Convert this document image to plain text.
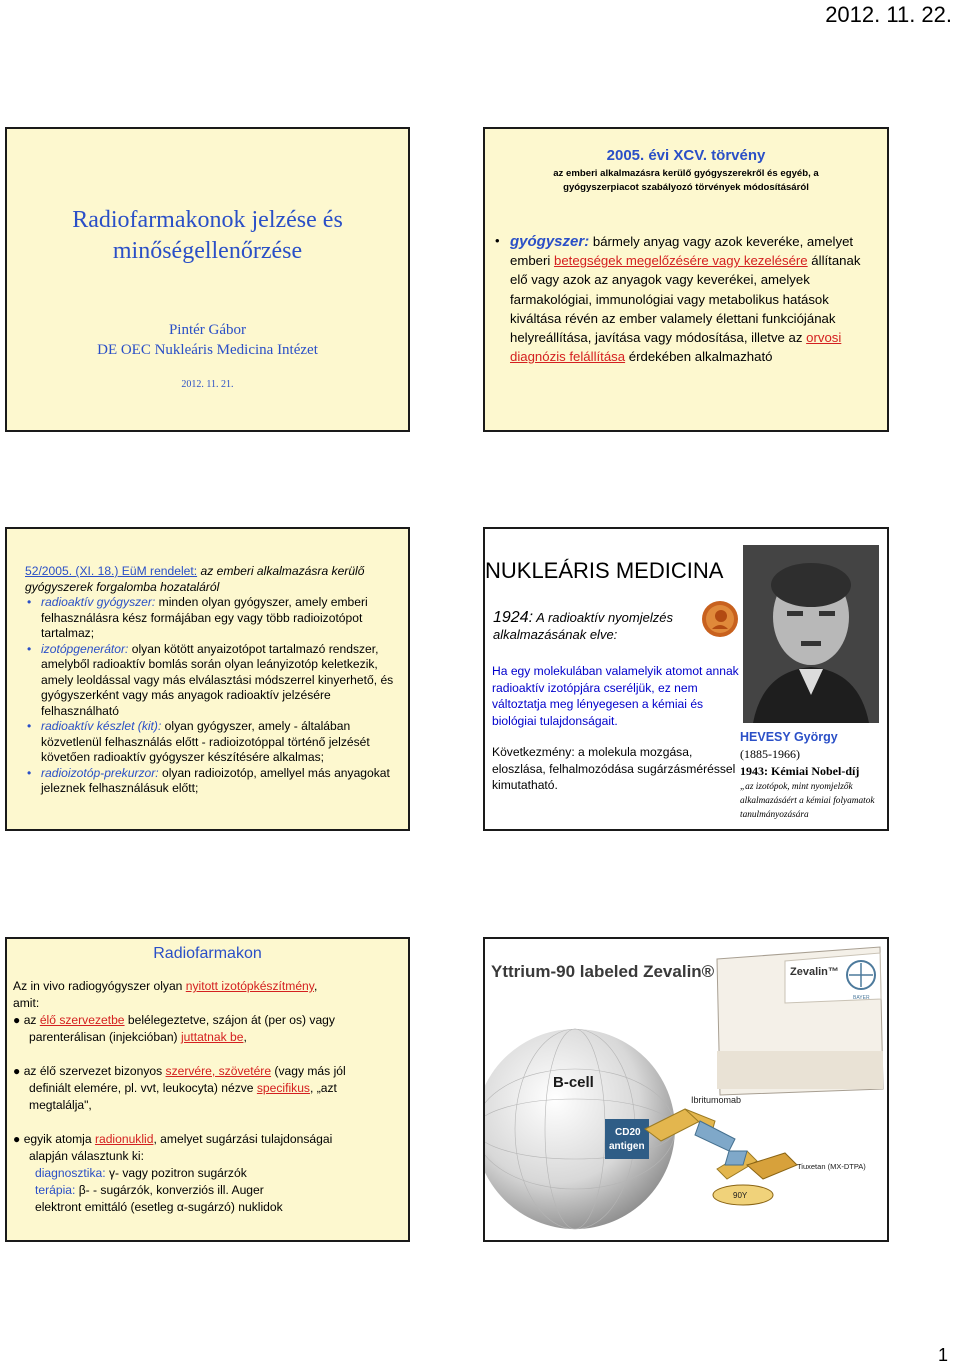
2012. 11. 22.
Radiofarmakonok jelzése és
minőségellenőrzése
Pintér Gábor
DE OEC Nukleáris Medicina Intézet
2012. 11. 21.
2005. évi XCV. törvény
az emberi alkalmazásra kerülő gyógyszerekről és egyéb, a
gyógyszerpiacot szabályozó törvények módosításáról
• gyógyszer: bármely anyag vagy azok keveréke, amelyet emberi betegségek megelőzésére vagy kezelésére állítanak elő vagy azok az anyagok vagy keverékei, amelyek farmakológiai, immunológiai vagy metabolikus hatások kiváltása révén az ember valamely élettani funkciójának helyreállítása, javítása vagy módosítása, illetve az orvosi diagnózis felállítása érdekében alkalmazható
52/2005. (XI. 18.) EüM rendelet: az emberi alkalmazásra kerülő gyógyszerek forgalomba hozataláról
• radioaktív gyógyszer: minden olyan gyógyszer, amely emberi felhasználásra kész formájában egy vagy több radioizotópot tartalmaz;
• izotópgenerátor: olyan kötött anyaizotópot tartalmazó rendszer, amelyből radioaktív bomlás során olyan leányizotóp keletkezik, amely leoldással vagy más elválasztási módszerrel kinyerhető, és gyógyszerként vagy más anyagok radioaktív jelzésére felhasználható
• radioaktív készlet (kit): olyan gyógyszer, amely - általában közvetlenül felhasználás előtt - radioizotóppal történő jelzését követően radioaktív gyógyszer készítésére alkalmas;
• radioizotóp-prekurzor: olyan radioizotóp, amellyel más anyagokat jeleznek felhasználásuk előtt;
NUKLEÁRIS MEDICINA
1924: A radioaktív nyomjelzés
alkalmazásának elve:
Ha egy molekulában valamelyik atomot annak radioaktív izotópjára cseréljük, ez nem változtatja meg lényegesen a kémiai és biológiai tulajdonságait.
Következmény: a molekula mozgása, eloszlása, felhalmozódása sugárzásméréssel kimutatható.
HEVESY György
(1885-1966)
1943: Kémiai Nobel-díj
„az izotópok, mint nyomjelzők alkalmazásáért a kémiai folyamatok tanulmányozására
Radiofarmakon
Az in vivo radiogyógyszer olyan nyitott izotópkészítmény,
amit:
● az élő szervezetbe belélegeztetve, szájon át (per os) vagy
parenterálisan (injekcióban) juttatnak be,
● az élő szervezet bizonyos szervére, szövetére (vagy más jól
definiált elemére, pl. vvt, leukocyta) nézve specifikus, „azt
megtalálja",
● egyik atomja radionuklid, amelyet sugárzási tulajdonságai
alapján választunk ki:
diagnosztika: γ- vagy pozitron sugárzók
terápia: β- - sugárzók, konverziós ill. Auger
elektront emittáló (esetleg α-sugárzó) nuklidok
Zevalin™
BAYER
Yttrium-90 labeled Zevalin®
B-cell
CD20
antigen
Ibritumomab
Tiuxetan (MX-DTPA)
90Y
1
